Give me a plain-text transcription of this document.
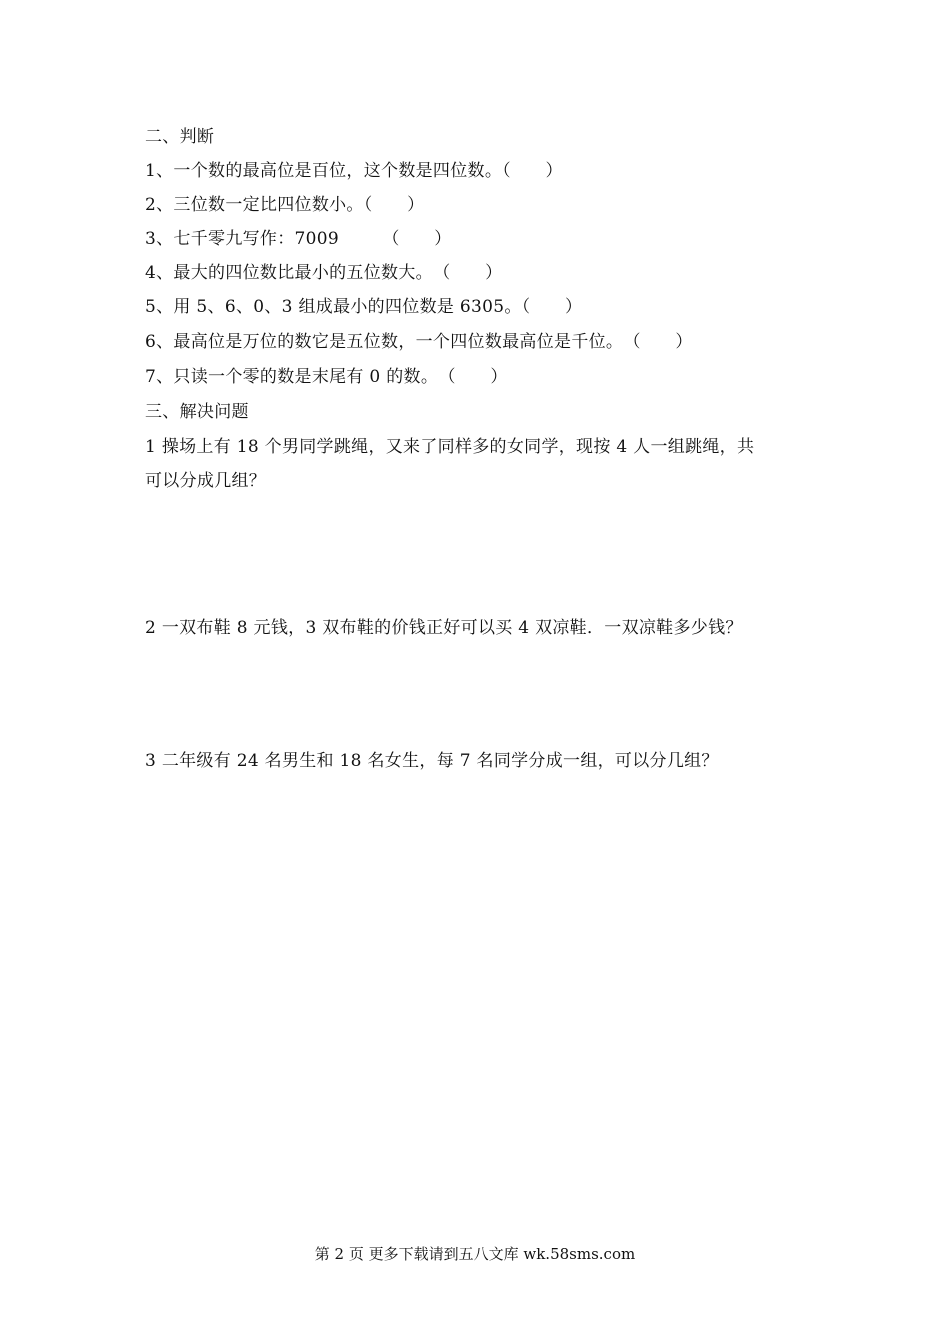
二、判断
1、一个数的最高位是百位，这个数是四位数。（　　）
2、三位数一定比四位数小。（　　）
3、七千零九写作：7009　　　（　　）
4、最大的四位数比最小的五位数大。　（　　）
5、用 5、6、0、3 组成最小的四位数是 6305。（　　）
6、最高位是万位的数它是五位数，一个四位数最高位是千位。　（　　）
7、只读一个零的数是末尾有 0 的数。　（　　）
三、解决问题
1 操场上有 18 个男同学跳绳，又来了同样多的女同学，现按 4 人一组跳绳，共
可以分成几组？
2 一双布鞋 8 元钱，3 双布鞋的价钱正好可以买 4 双凉鞋．一双凉鞋多少钱？
3 二年级有 24 名男生和 18 名女生，每 7 名同学分成一组，可以分几组？
第 2 页 更多下载请到五八文库 wk.58sms.com
